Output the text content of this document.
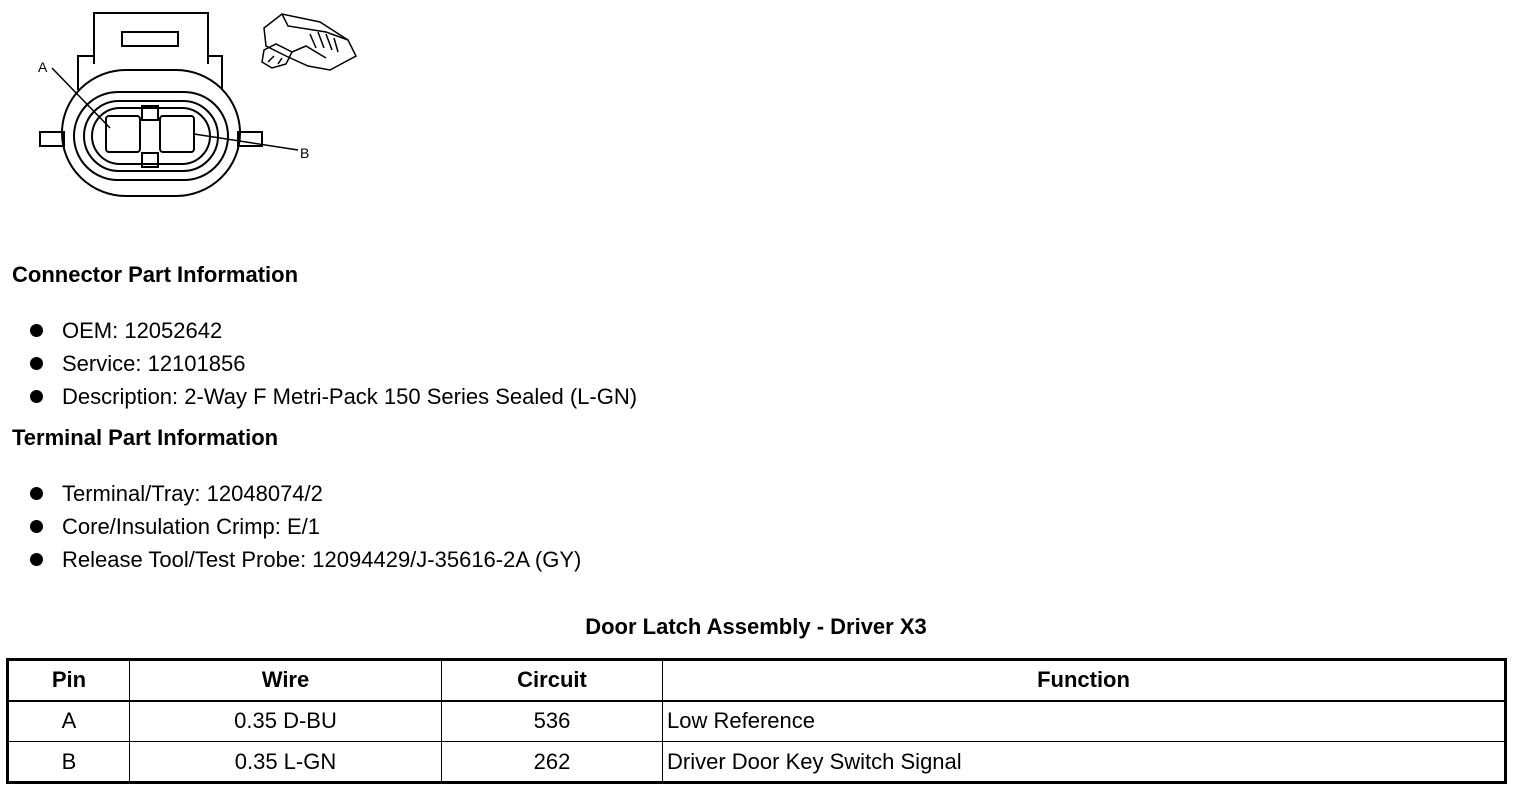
A
B
Connector Part Information
OEM: 12052642
Service: 12101856
Description: 2-Way F Metri-Pack 150 Series Sealed (L-GN)
Terminal Part Information
Terminal/Tray: 12048074/2
Core/Insulation Crimp: E/1
Release Tool/Test Probe: 12094429/J-35616-2A (GY)
Door Latch Assembly - Driver X3
Pin	Wire	Circuit	Function
A	0.35 D-BU	536	Low Reference
B	0.35 L-GN	262	Driver Door Key Switch Signal
